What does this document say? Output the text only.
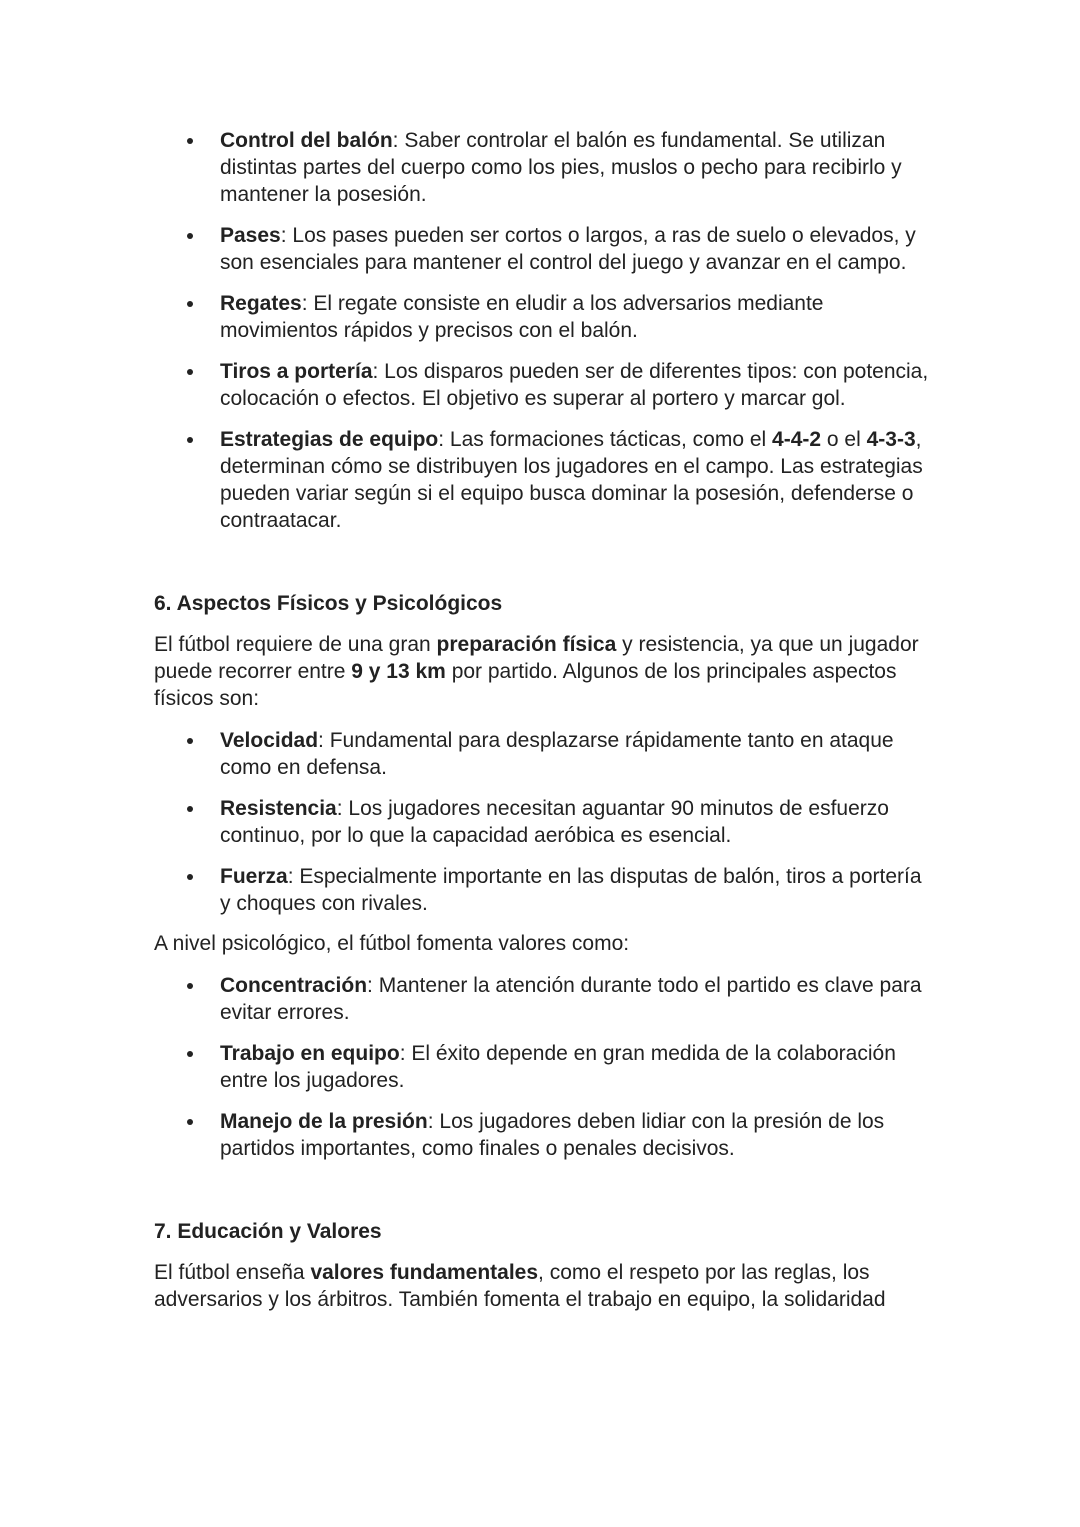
Control del balón: Saber controlar el balón es fundamental. Se utilizan distintas partes del cuerpo como los pies, muslos o pecho para recibirlo y mantener la posesión.
Pases: Los pases pueden ser cortos o largos, a ras de suelo o elevados, y son esenciales para mantener el control del juego y avanzar en el campo.
Regates: El regate consiste en eludir a los adversarios mediante movimientos rápidos y precisos con el balón.
Tiros a portería: Los disparos pueden ser de diferentes tipos: con potencia, colocación o efectos. El objetivo es superar al portero y marcar gol.
Estrategias de equipo: Las formaciones tácticas, como el 4-4-2 o el 4-3-3, determinan cómo se distribuyen los jugadores en el campo. Las estrategias pueden variar según si el equipo busca dominar la posesión, defenderse o contraatacar.
6. Aspectos Físicos y Psicológicos

El fútbol requiere de una gran preparación física y resistencia, ya que un jugador puede recorrer entre 9 y 13 km por partido. Algunos de los principales aspectos físicos son:

Velocidad: Fundamental para desplazarse rápidamente tanto en ataque como en defensa.
Resistencia: Los jugadores necesitan aguantar 90 minutos de esfuerzo continuo, por lo que la capacidad aeróbica es esencial.
Fuerza: Especialmente importante en las disputas de balón, tiros a portería y choques con rivales.

A nivel psicológico, el fútbol fomenta valores como:

Concentración: Mantener la atención durante todo el partido es clave para evitar errores.
Trabajo en equipo: El éxito depende en gran medida de la colaboración entre los jugadores.
Manejo de la presión: Los jugadores deben lidiar con la presión de los partidos importantes, como finales o penales decisivos.
7. Educación y Valores

El fútbol enseña valores fundamentales, como el respeto por las reglas, los adversarios y los árbitros. También fomenta el trabajo en equipo, la solidaridad
